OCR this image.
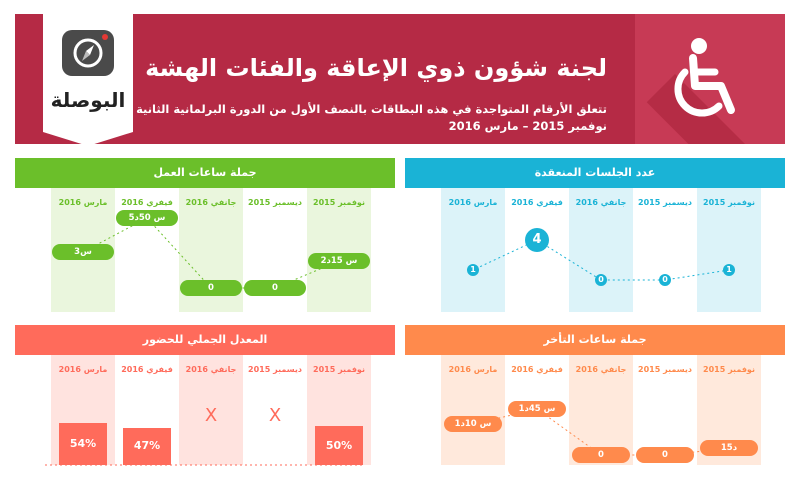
البوصلة
لجنة شؤون ذوي الإعاقة والفئات الهشة
تتعلق الأرقام المتواجدة في هذه البطاقات بالنصف الأول من الدورة البرلمانية الثانية :
نوفمبر 2015 – مارس 2016
جملة ساعات العمل
نوفمبر 2015
ديسمبر 2015
جانفي 2016
فيفري 2016
مارس 2016
2س 15د
0
0
5س 50د
3س
عدد الجلسات المنعقدة
نوفمبر 2015
ديسمبر 2015
جانفي 2016
فيفري 2016
مارس 2016
1
0
0
4
1
المعدل الجملي للحضور
نوفمبر 2015
ديسمبر 2015
جانفي 2016
فيفري 2016
مارس 2016
50%
X
X
47%
54%
جملة ساعات التأخر
نوفمبر 2015
ديسمبر 2015
جانفي 2016
فيفري 2016
مارس 2016
15د
0
0
1س 45د
1س 10د
